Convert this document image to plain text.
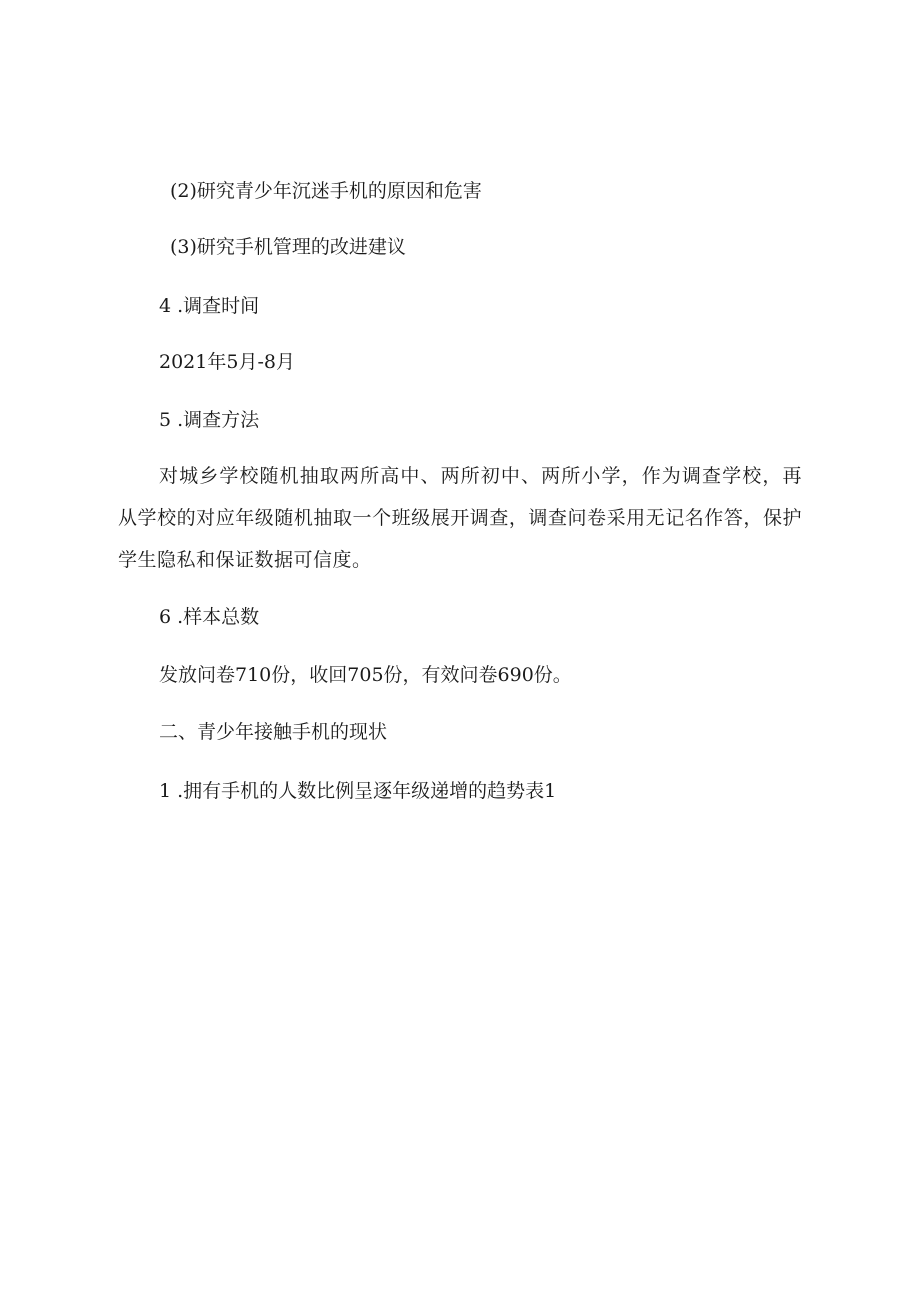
(2)研究青少年沉迷手机的原因和危害
(3)研究手机管理的改进建议
4 .调查时间
2021年5月-8月
5 .调查方法
对城乡学校随机抽取两所高中、两所初中、两所小学，作为调查学校，再从学校的对应年级随机抽取一个班级展开调查，调查问卷采用无记名作答，保护学生隐私和保证数据可信度。
6 .样本总数
发放问卷710份，收回705份，有效问卷690份。
二、青少年接触手机的现状
1 .拥有手机的人数比例呈逐年级递增的趋势表1
